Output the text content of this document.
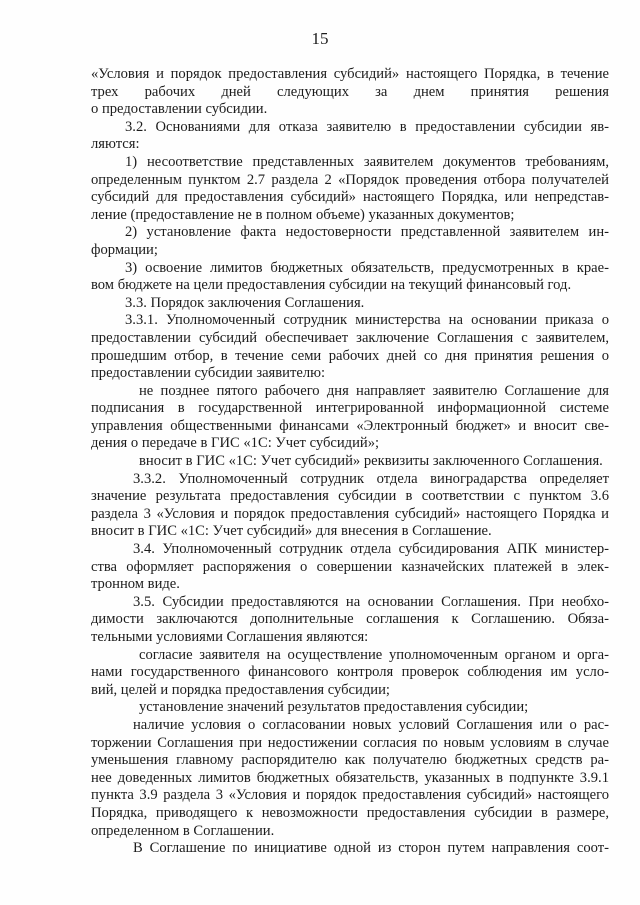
15
«Условия и порядок предоставления субсидий» настоящего Порядка, в течение
трех рабочих дней следующих за днем принятия решения
о предоставлении субсидии.
3.2. Основаниями для отказа заявителю в предоставлении субсидии яв-
ляются:
1) несоответствие представленных заявителем документов требованиям,
определенным пунктом 2.7 раздела 2 «Порядок проведения отбора получателей
субсидий для предоставления субсидий» настоящего Порядка, или непредстав-
ление (предоставление не в полном объеме) указанных документов;
2) установление факта недостоверности представленной заявителем ин-
формации;
3) освоение лимитов бюджетных обязательств, предусмотренных в крае-
вом бюджете на цели предоставления субсидии на текущий финансовый год.
3.3. Порядок заключения Соглашения.
3.3.1. Уполномоченный сотрудник министерства на основании приказа о
предоставлении субсидий обеспечивает заключение Соглашения с заявителем,
прошедшим отбор, в течение семи рабочих дней со дня принятия решения о
предоставлении субсидии заявителю:
не позднее пятого рабочего дня направляет заявителю Соглашение для
подписания в государственной интегрированной информационной системе
управления общественными финансами «Электронный бюджет» и вносит све-
дения о передаче в ГИС «1С: Учет субсидий»;
вносит в ГИС «1С: Учет субсидий» реквизиты заключенного Соглашения.
3.3.2. Уполномоченный сотрудник отдела виноградарства определяет
значение результата предоставления субсидии в соответствии с пунктом 3.6
раздела 3 «Условия и порядок предоставления субсидий» настоящего Порядка и
вносит в ГИС «1С: Учет субсидий» для внесения в Соглашение.
3.4. Уполномоченный сотрудник отдела субсидирования АПК министер-
ства оформляет распоряжения о совершении казначейских платежей в элек-
тронном виде.
3.5. Субсидии предоставляются на основании Соглашения. При необхо-
димости заключаются дополнительные соглашения к Соглашению. Обяза-
тельными условиями Соглашения являются:
согласие заявителя на осуществление уполномоченным органом и орга-
нами государственного финансового контроля проверок соблюдения им усло-
вий, целей и порядка предоставления субсидии;
установление значений результатов предоставления субсидии;
наличие условия о согласовании новых условий Соглашения или о рас-
торжении Соглашения при недостижении согласия по новым условиям в случае
уменьшения главному распорядителю как получателю бюджетных средств ра-
нее доведенных лимитов бюджетных обязательств, указанных в подпункте 3.9.1
пункта 3.9 раздела 3 «Условия и порядок предоставления субсидий» настоящего
Порядка, приводящего к невозможности предоставления субсидии в размере,
определенном в Соглашении.
В Соглашение по инициативе одной из сторон путем направления соот-
